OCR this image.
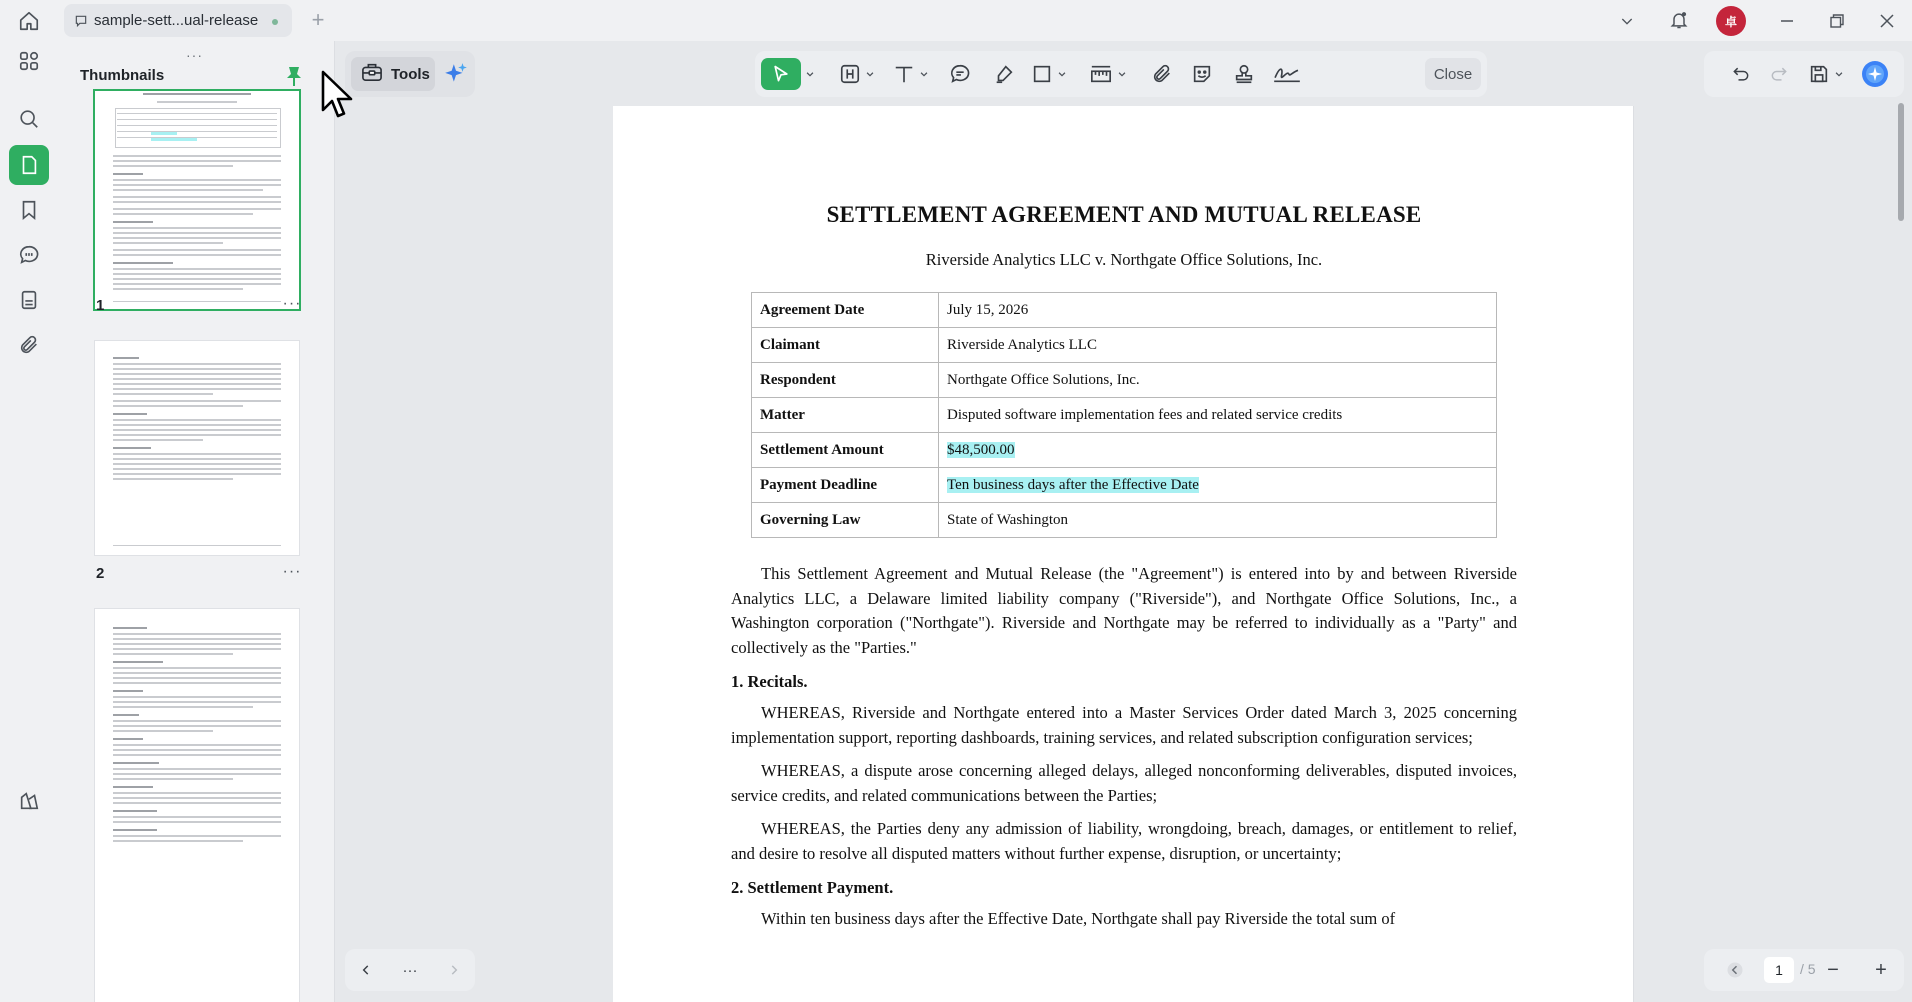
sample-sett...ual-release	+	卓
···
Thumbnails
1	···
2	···
Tools	Close
SETTLEMENT AGREEMENT AND MUTUAL RELEASE
Riverside Analytics LLC v. Northgate Office Solutions, Inc.
Agreement Date	July 15, 2026
Claimant	Riverside Analytics LLC
Respondent	Northgate Office Solutions, Inc.
Matter	Disputed software implementation fees and related service credits
Settlement Amount	$48,500.00
Payment Deadline	Ten business days after the Effective Date
Governing Law	State of Washington

This Settlement Agreement and Mutual Release (the "Agreement") is entered into by and between Riverside Analytics LLC, a Delaware limited liability company ("Riverside"), and Northgate Office Solutions, Inc., a Washington corporation ("Northgate"). Riverside and Northgate may be referred to individually as a "Party" and collectively as the "Parties."

1. Recitals.

WHEREAS, Riverside and Northgate entered into a Master Services Order dated March 3, 2025 concerning implementation support, reporting dashboards, training services, and related subscription configuration services;

WHEREAS, a dispute arose concerning alleged delays, alleged nonconforming deliverables, disputed invoices, service credits, and related communications between the Parties;

WHEREAS, the Parties deny any admission of liability, wrongdoing, breach, damages, or entitlement to relief, and desire to resolve all disputed matters without further expense, disruption, or uncertainty;

2. Settlement Payment.

Within ten business days after the Effective Date, Northgate shall pay Riverside the total sum of

···	1	/ 5 −	+
